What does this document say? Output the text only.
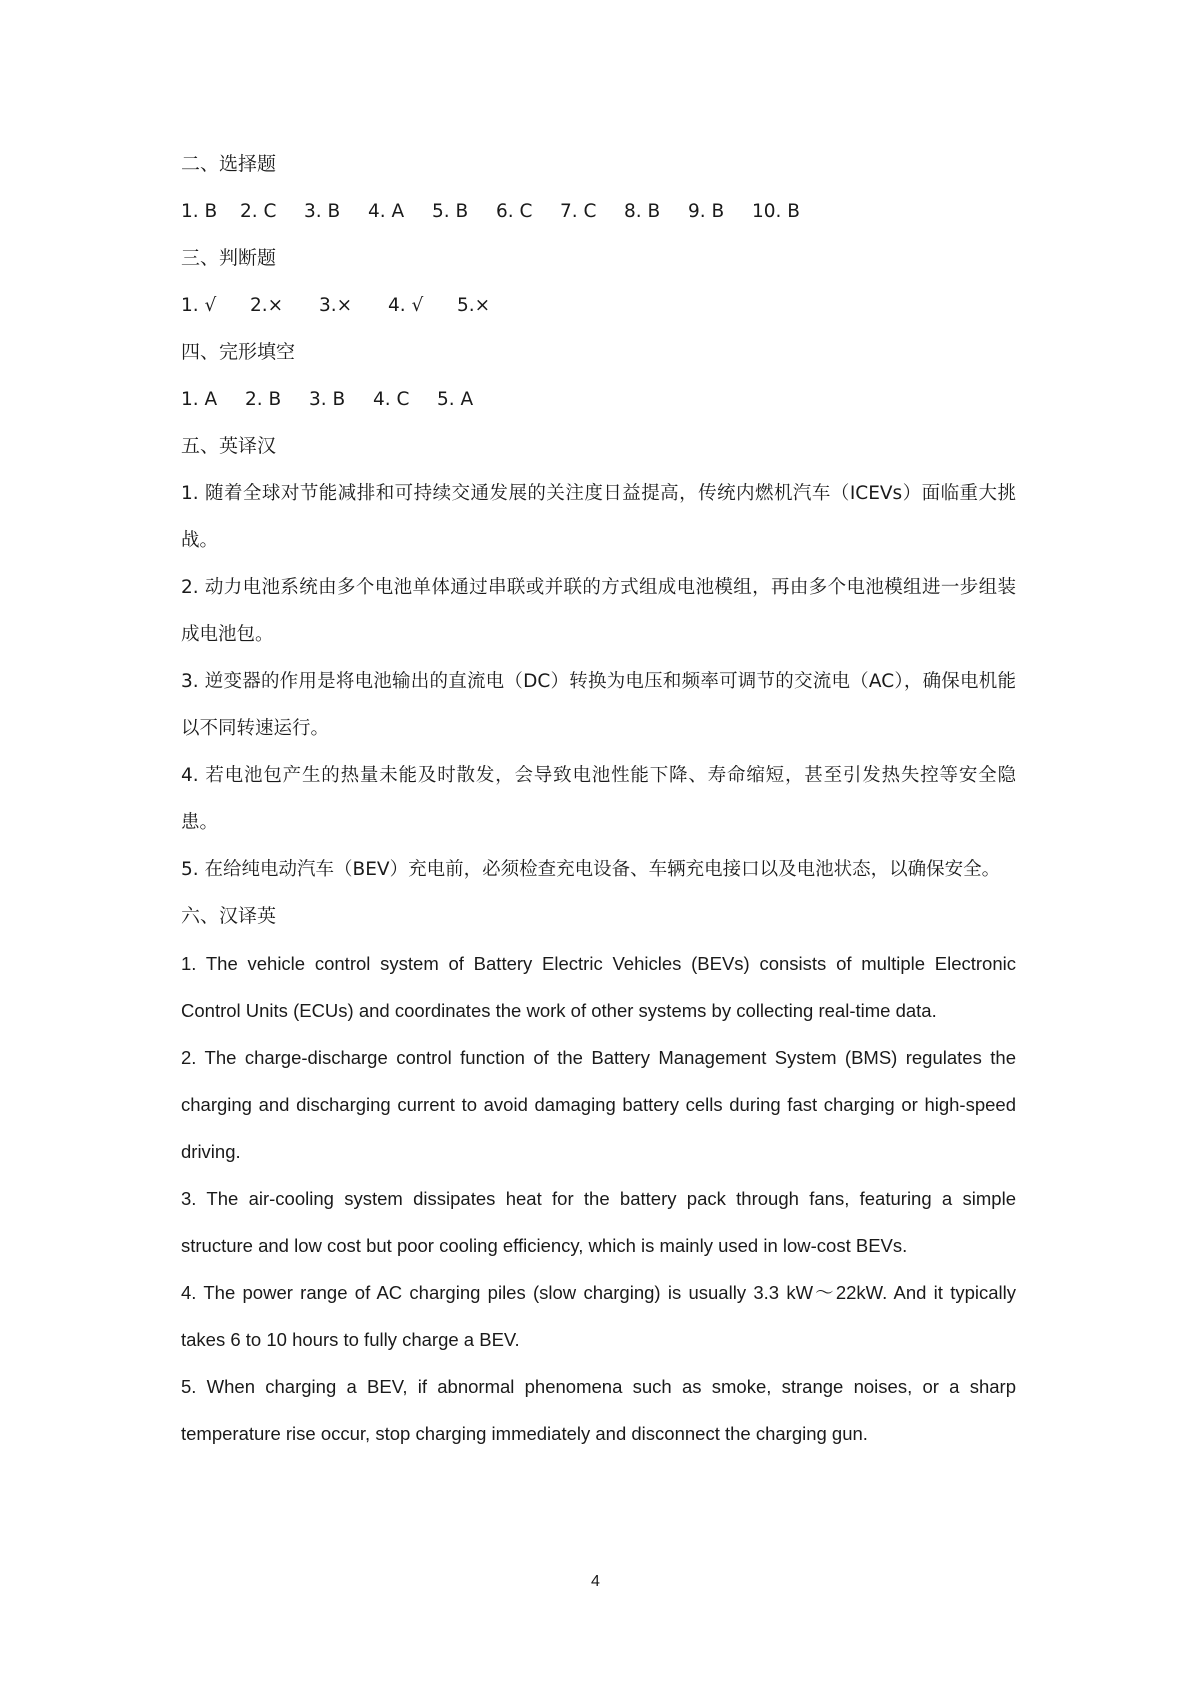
二、选择题

1. B 2. C 3. B 4. A 5. B 6. C 7. C 8. B 9. B 10. B

三、判断题

1. √ 2.× 3.× 4. √ 5.×

四、完形填空

1. A 2. B 3. B 4. C 5. A

五、英译汉

1. 随着全球对节能减排和可持续交通发展的关注度日益提高，传统内燃机汽车（ICEVs）面临重大挑战。

2. 动力电池系统由多个电池单体通过串联或并联的方式组成电池模组，再由多个电池模组进一步组装成电池包。

3. 逆变器的作用是将电池输出的直流电（DC）转换为电压和频率可调节的交流电（AC），确保电机能以不同转速运行。

4. 若电池包产生的热量未能及时散发，会导致电池性能下降、寿命缩短，甚至引发热失控等安全隐患。

5. 在给纯电动汽车（BEV）充电前，必须检查充电设备、车辆充电接口以及电池状态，以确保安全。

六、汉译英

1. The vehicle control system of Battery Electric Vehicles (BEVs) consists of multiple Electronic Control Units (ECUs) and coordinates the work of other systems by collecting real-time data.

2. The charge-discharge control function of the Battery Management System (BMS) regulates the charging and discharging current to avoid damaging battery cells during fast charging or high-speed driving.

3. The air-cooling system dissipates heat for the battery pack through fans, featuring a simple structure and low cost but poor cooling efficiency, which is mainly used in low-cost BEVs.

4. The power range of AC charging piles (slow charging) is usually 3.3 kW～22kW. And it typically takes 6 to 10 hours to fully charge a BEV.

5. When charging a BEV, if abnormal phenomena such as smoke, strange noises, or a sharp temperature rise occur, stop charging immediately and disconnect the charging gun.

4
